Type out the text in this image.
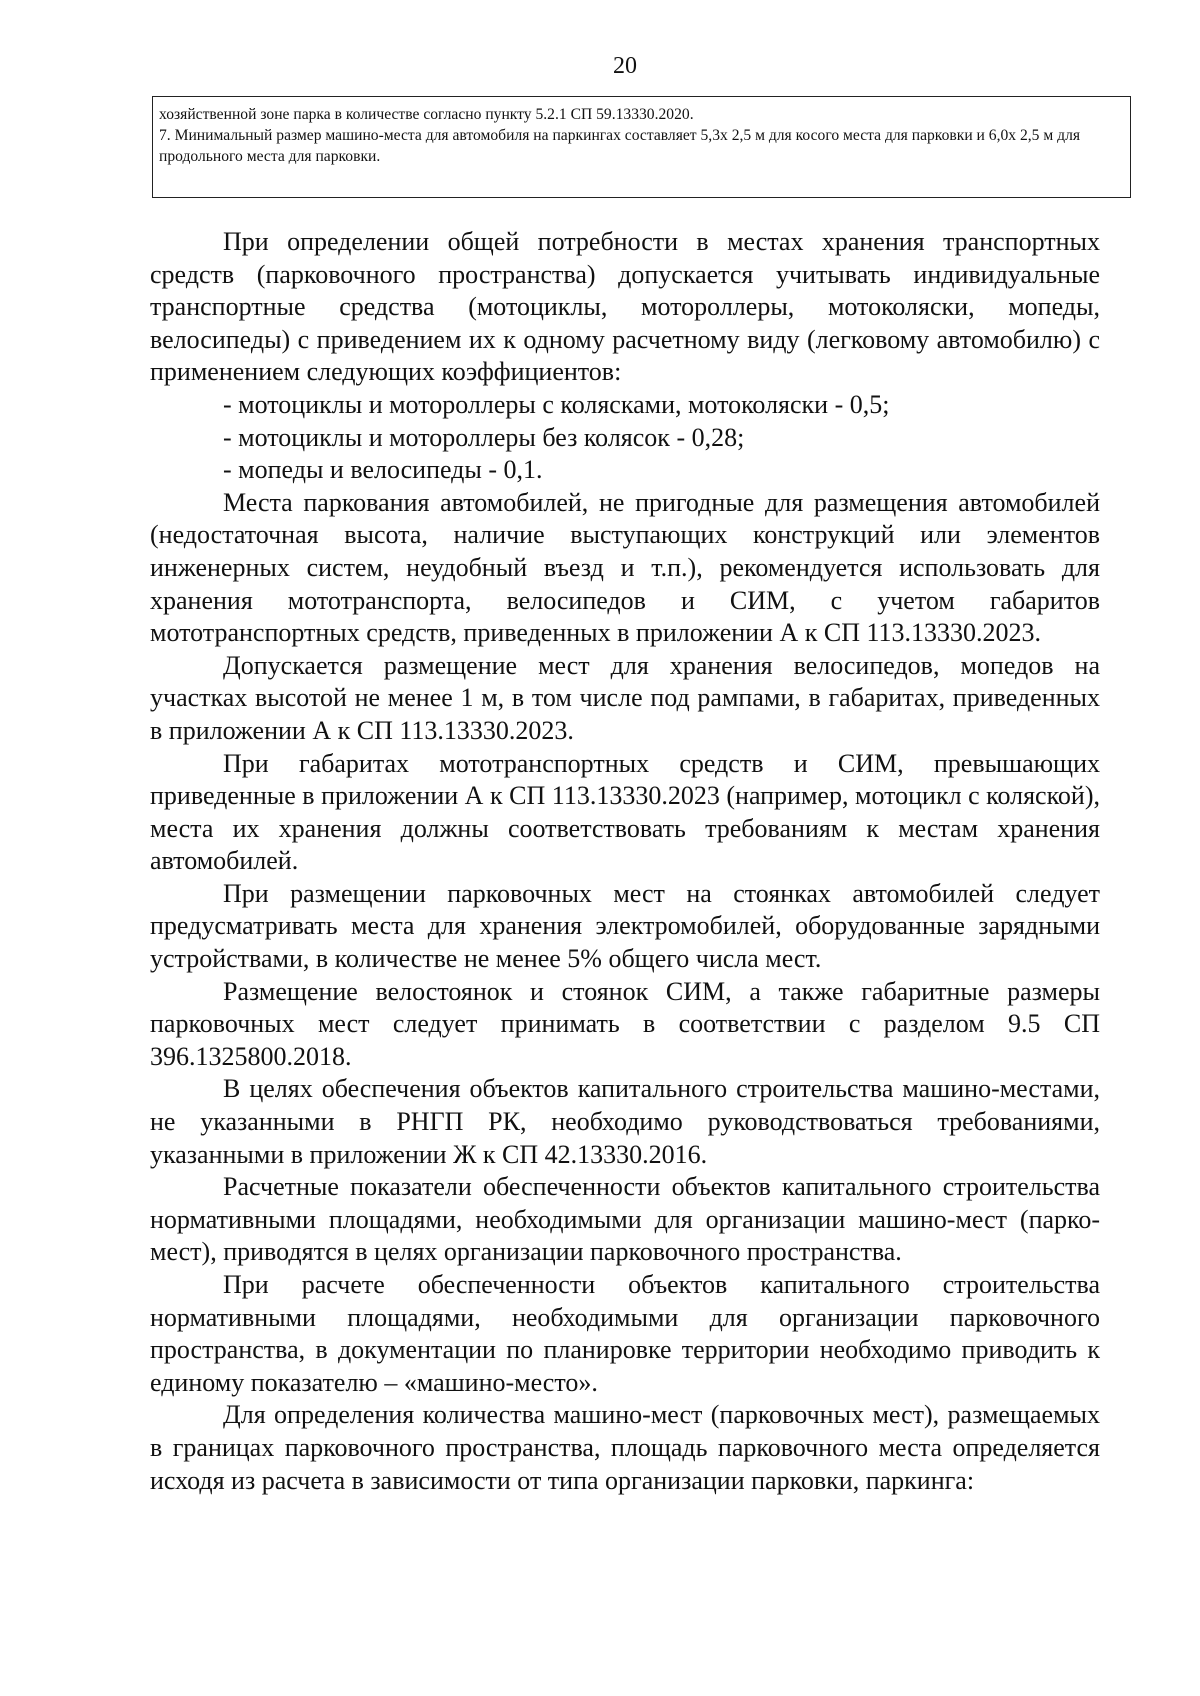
20
хозяйственной зоне парка в количестве согласно пункту 5.2.1 СП 59.13330.2020.
7. Минимальный размер машино-места для автомобиля на паркингах составляет 5,3х 2,5 м для косого места для парковки и 6,0х 2,5 м для продольного места для парковки.

При определении общей потребности в местах хранения транспортных средств (парковочного пространства) допускается учитывать индивидуальные транспортные средства (мотоциклы, мотороллеры, мотоколяски, мопеды, велосипеды) с приведением их к одному расчетному виду (легковому автомобилю) с применением следующих коэффициентов:

- мотоциклы и мотороллеры с колясками, мотоколяски - 0,5;

- мотоциклы и мотороллеры без колясок - 0,28;

- мопеды и велосипеды - 0,1.

Места паркования автомобилей, не пригодные для размещения автомобилей (недостаточная высота, наличие выступающих конструкций или элементов инженерных систем, неудобный въезд и т.п.), рекомендуется использовать для хранения мототранспорта, велосипедов и СИМ, с учетом габаритов мототранспортных средств, приведенных в приложении А к СП 113.13330.2023.

Допускается размещение мест для хранения велосипедов, мопедов на участках высотой не менее 1 м, в том числе под рампами, в габаритах, приведенных в приложении А к СП 113.13330.2023.

При габаритах мототранспортных средств и СИМ, превышающих приведенные в приложении А к СП 113.13330.2023 (например, мотоцикл с коляской), места их хранения должны соответствовать требованиям к местам хранения автомобилей.

При размещении парковочных мест на стоянках автомобилей следует предусматривать места для хранения электромобилей, оборудованные зарядными устройствами, в количестве не менее 5% общего числа мест.

Размещение велостоянок и стоянок СИМ, а также габаритные размеры парковочных мест следует принимать в соответствии с разделом 9.5 СП 396.1325800.2018.

В целях обеспечения объектов капитального строительства машино-местами, не указанными в РНГП РК, необходимо руководствоваться требованиями, указанными в приложении Ж к СП 42.13330.2016.

Расчетные показатели обеспеченности объектов капитального строительства нормативными площадями, необходимыми для организации машино-мест (парко-мест), приводятся в целях организации парковочного пространства.

При расчете обеспеченности объектов капитального строительства нормативными площадями, необходимыми для организации парковочного пространства, в документации по планировке территории необходимо приводить к единому показателю – «машино-место».

Для определения количества машино-мест (парковочных мест), размещаемых в границах парковочного пространства, площадь парковочного места определяется исходя из расчета в зависимости от типа организации парковки, паркинга:
